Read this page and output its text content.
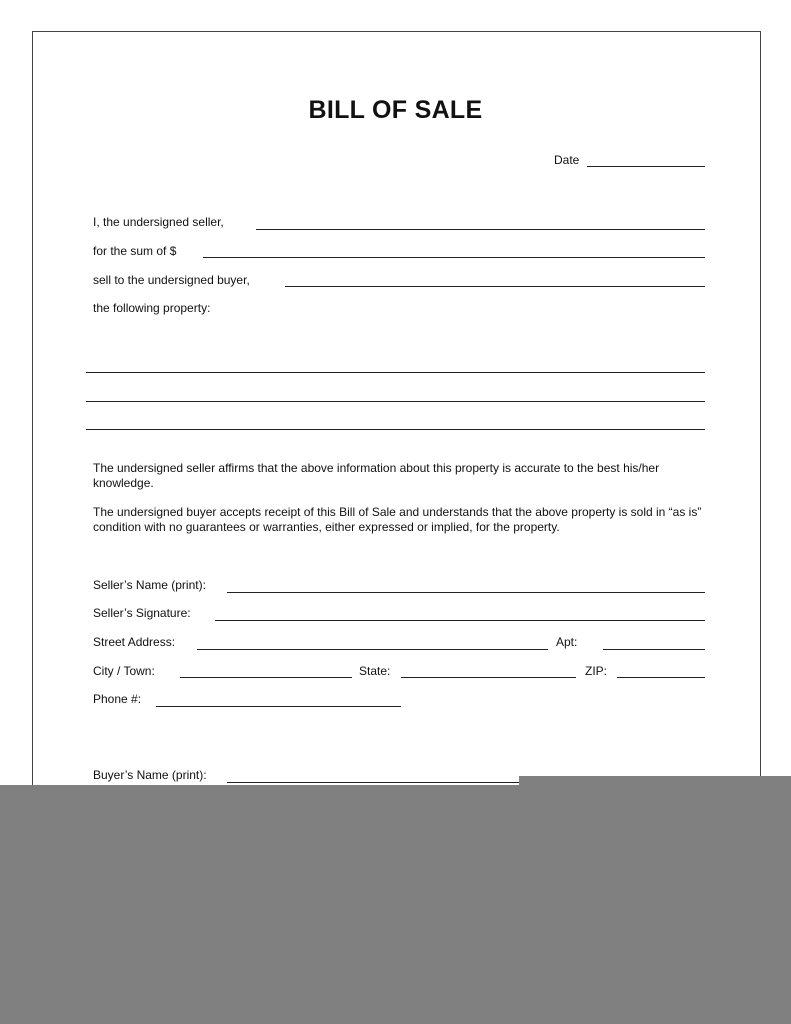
BILL OF SALE
Date
I, the undersigned seller,
for the sum of $
sell to the undersigned buyer,
the following property:
The undersigned seller affirms that the above information about this property is accurate to the best his/her knowledge.
The undersigned buyer accepts receipt of this Bill of Sale and understands that the above property is sold in “as is” condition with no guarantees or warranties, either expressed or implied, for the property.
Seller’s Name (print):
Seller’s Signature:
Street Address:	Apt:
City / Town:	State:	ZIP:
Phone #:
Buyer’s Name (print):
